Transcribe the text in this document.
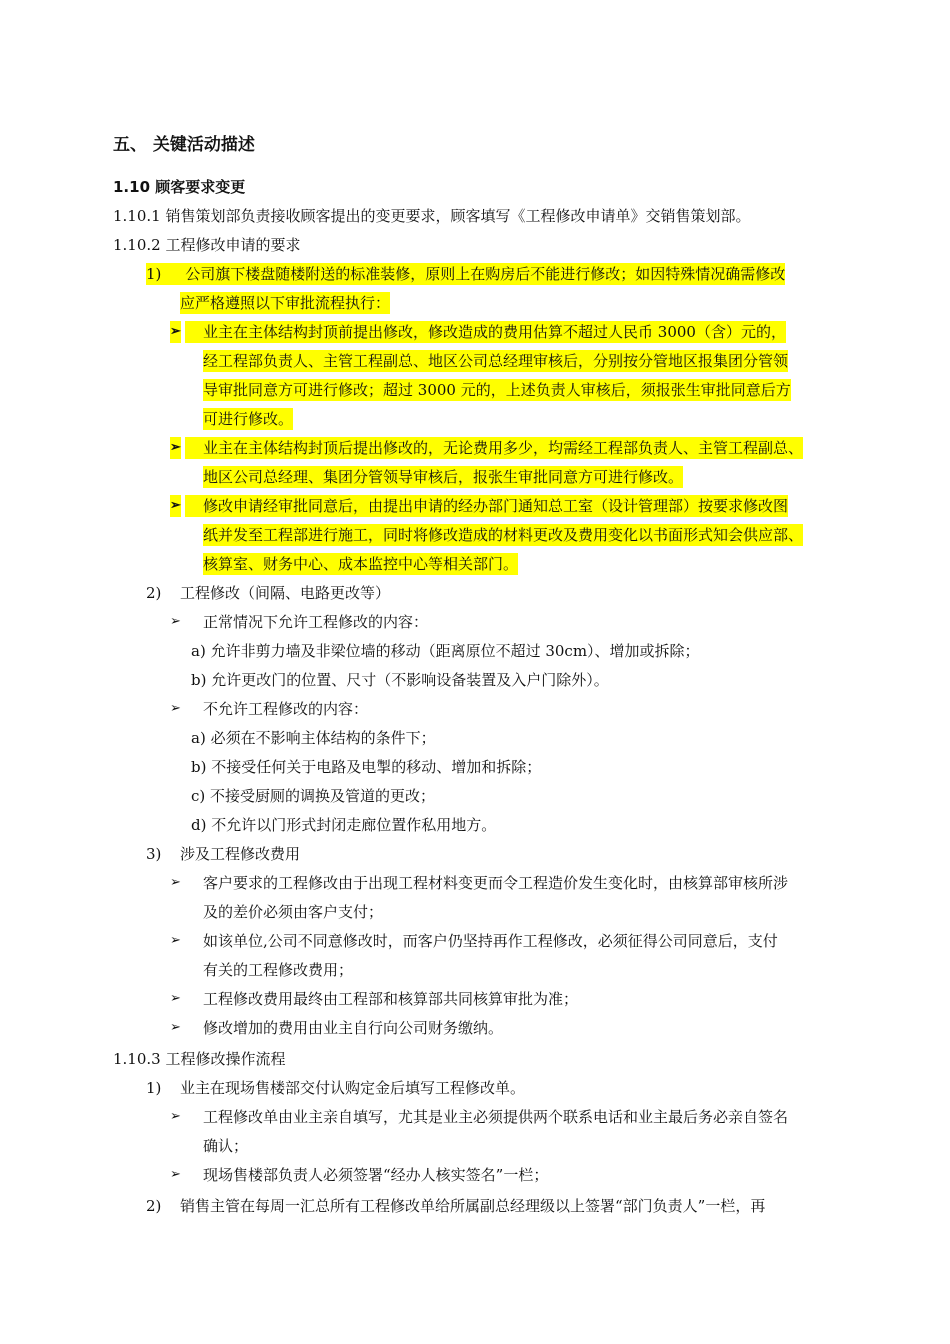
五、 关键活动描述
1.10 顾客要求变更
1.10.1 销售策划部负责接收顾客提出的变更要求，顾客填写《工程修改申请单》交销售策划部。
1.10.2 工程修改申请的要求
1) 公司旗下楼盘随楼附送的标准装修，原则上在购房后不能进行修改；如因特殊情况确需修改
应严格遵照以下审批流程执行：
➢	业主在主体结构封顶前提出修改，修改造成的费用估算不超过人民币 3000（含）元的，
经工程部负责人、主管工程副总、地区公司总经理审核后，分别按分管地区报集团分管领
导审批同意方可进行修改；超过 3000 元的，上述负责人审核后，须报张生审批同意后方
可进行修改。
➢	业主在主体结构封顶后提出修改的，无论费用多少，均需经工程部负责人、主管工程副总、
地区公司总经理、集团分管领导审核后，报张生审批同意方可进行修改。
➢	修改申请经审批同意后，由提出申请的经办部门通知总工室（设计管理部）按要求修改图
纸并发至工程部进行施工，同时将修改造成的材料更改及费用变化以书面形式知会供应部、
核算室、财务中心、成本监控中心等相关部门。
2) 工程修改（间隔、电路更改等）
➢ 正常情况下允许工程修改的内容：
a) 允许非剪力墙及非梁位墙的移动（距离原位不超过 30cm）、增加或拆除；
b) 允许更改门的位置、尺寸（不影响设备装置及入户门除外）。
➢ 不允许工程修改的内容：
a) 必须在不影响主体结构的条件下；
b) 不接受任何关于电路及电掣的移动、增加和拆除；
c) 不接受厨厕的调换及管道的更改；
d) 不允许以门形式封闭走廊位置作私用地方。
3) 涉及工程修改费用
➢ 客户要求的工程修改由于出现工程材料变更而令工程造价发生变化时，由核算部审核所涉
及的差价必须由客户支付；
➢ 如该单位,公司不同意修改时，而客户仍坚持再作工程修改，必须征得公司同意后，支付
有关的工程修改费用；
➢ 工程修改费用最终由工程部和核算部共同核算审批为准；
➢ 修改增加的费用由业主自行向公司财务缴纳。
1.10.3 工程修改操作流程
1) 业主在现场售楼部交付认购定金后填写工程修改单。
➢ 工程修改单由业主亲自填写，尤其是业主必须提供两个联系电话和业主最后务必亲自签名
确认；
➢ 现场售楼部负责人必须签署“经办人核实签名”一栏；
2) 销售主管在每周一汇总所有工程修改单给所属副总经理级以上签署“部门负责人”一栏，再
